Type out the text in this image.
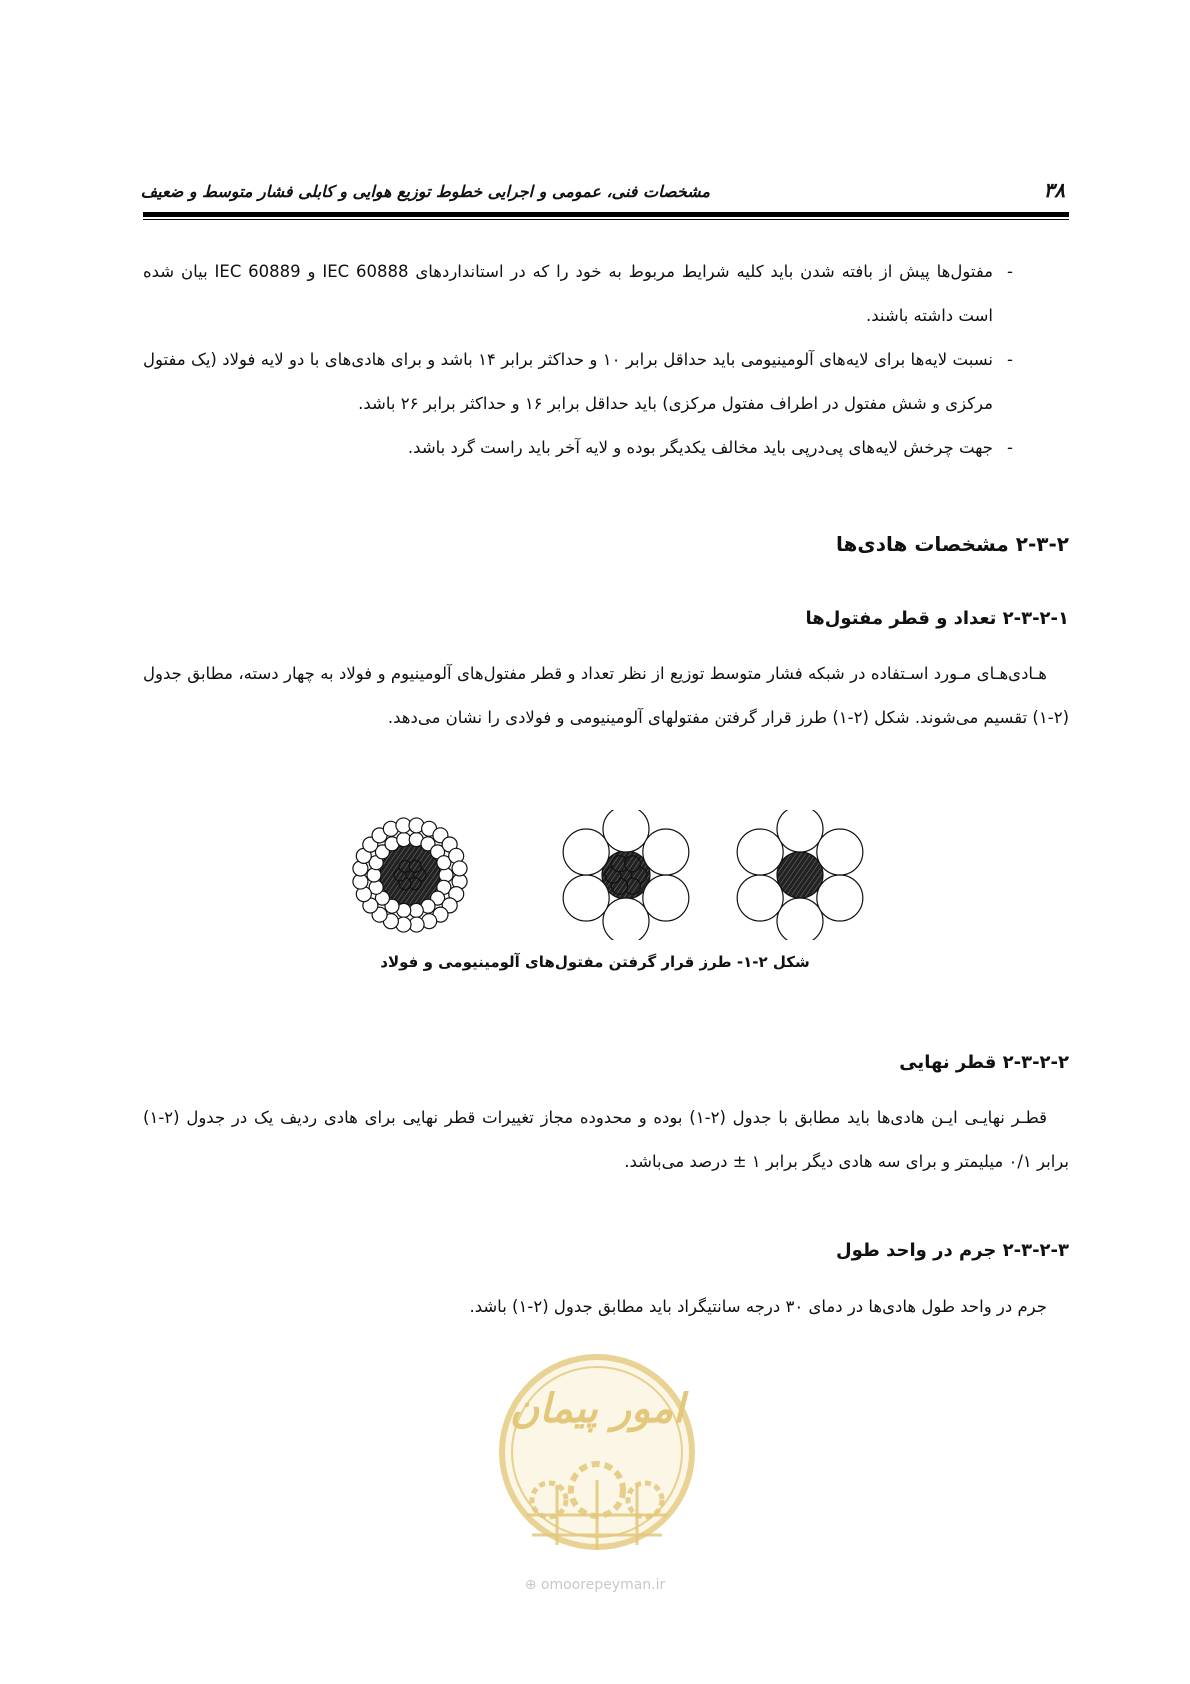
مشخصات فنی، عمومی و اجرایی خطوط توزیع هوایی و کابلی فشار متوسط و ضعیف	۳۸
-
مفتول‌ها پیش از بافته شدن باید کلیه شرایط مربوط به خود را که در استانداردهای IEC 60888 و IEC 60889 بیان شده است داشته باشند.
-
نسبت لایه‌ها برای لایه‌های آلومینیومی باید حداقل برابر ۱۰ و حداکثر برابر ۱۴ باشد و برای هادی‌های با دو لایه فولاد (یک مفتول مرکزی و شش مفتول در اطراف مفتول مرکزی) باید حداقل برابر ۱۶ و حداکثر برابر ۲۶ باشد.
-
جهت چرخش لایه‌های پی‌درپی باید مخالف یکدیگر بوده و لایه آخر باید راست گرد باشد.
۲-۳-۲ مشخصات هادی‌ها
۲-۳-۲-۱ تعداد و قطر مفتول‌ها
هـادی‌هـای مـورد اسـتفاده در شبکه فشار متوسط توزیع از نظر تعداد و قطر مفتول‌های آلومینیوم و فولاد به چهار دسته، مطابق جدول (۲-۱) تقسیم می‌شوند. شکل (۲-۱) طرز قرار گرفتن مفتولهای آلومینیومی و فولادی را نشان می‌دهد.
شکل ۲-۱- طرز قرار گرفتن مفتول‌های آلومینیومی و فولاد
۲-۳-۲-۲ قطر نهایی
قطـر نهایـی ایـن هادی‌ها باید مطابق با جدول (۲-۱) بوده و محدوده مجاز تغییرات قطر نهایی برای هادی ردیف یک در جدول (۲-۱) برابر ۰/۱ میلیمتر و برای سه هادی دیگر برابر ۱ ± درصد می‌باشد.
۲-۳-۲-۳ جرم در واحد طول
جرم در واحد طول هادی‌ها در دمای ۳۰ درجه سانتیگراد باید مطابق جدول (۲-۱) باشد.
امور پیمان
⊕ omoorepeyman.ir
